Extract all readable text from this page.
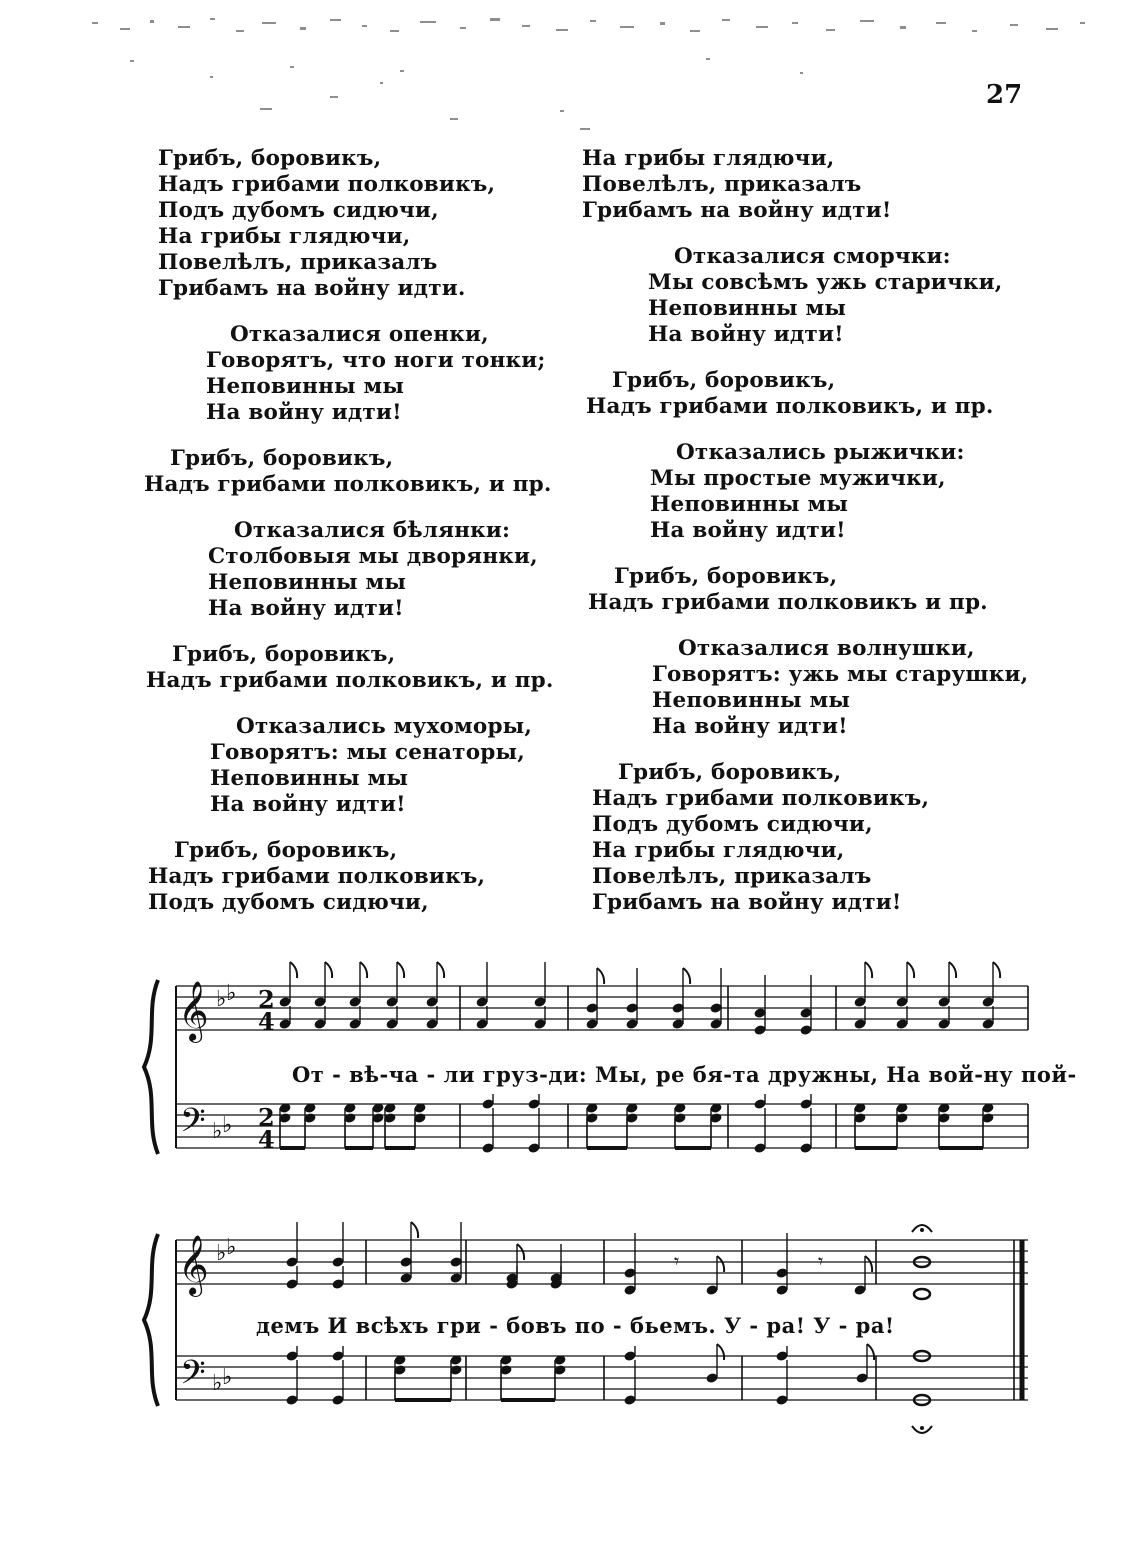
27
Грибъ, боровикъ,
Надъ грибами полковикъ,
Подъ дубомъ сидючи,
На грибы глядючи,
Повелѣлъ, приказалъ
Грибамъ на войну идти.
Отказалися опенки,
Говорятъ, что ноги тонки;
Неповинны мы
На войну идти!
Грибъ, боровикъ,
Надъ грибами полковикъ, и пр.
Отказалися бѣлянки:
Столбовыя мы дворянки,
Неповинны мы
На войну идти!
Грибъ, боровикъ,
Надъ грибами полковикъ, и пр.
Отказались мухоморы,
Говорятъ: мы сенаторы,
Неповинны мы
На войну идти!
Грибъ, боровикъ,
Надъ грибами полковикъ,
Подъ дубомъ сидючи,
На грибы глядючи,
Повелѣлъ, приказалъ
Грибамъ на войну идти!
Отказалися сморчки:
Мы совсѣмъ ужь старички,
Неповинны мы
На войну идти!
Грибъ, боровикъ,
Надъ грибами полковикъ, и пр.
Отказались рыжички:
Мы простые мужички,
Неповинны мы
На войну идти!
Грибъ, боровикъ,
Надъ грибами полковикъ и пр.
Отказалися волнушки,
Говорятъ: ужь мы старушки,
Неповинны мы
На войну идти!
Грибъ, боровикъ,
Надъ грибами полковикъ,
Подъ дубомъ сидючи,
На грибы глядючи,
Повелѣлъ, приказалъ
Грибамъ на войну идти!
𝄞
𝄢
♭ ♭
♭ ♭
2
4
2
4
𝄞
𝄢
♭ ♭
♭ ♭
𝄾	𝄾
От - вѣ-ча - ли груз-ди: Мы, ре бя-та дружны, На вой-ну пой-
демъ И всѣхъ гри - бовъ по - бьемъ. У - ра! У - ра!
